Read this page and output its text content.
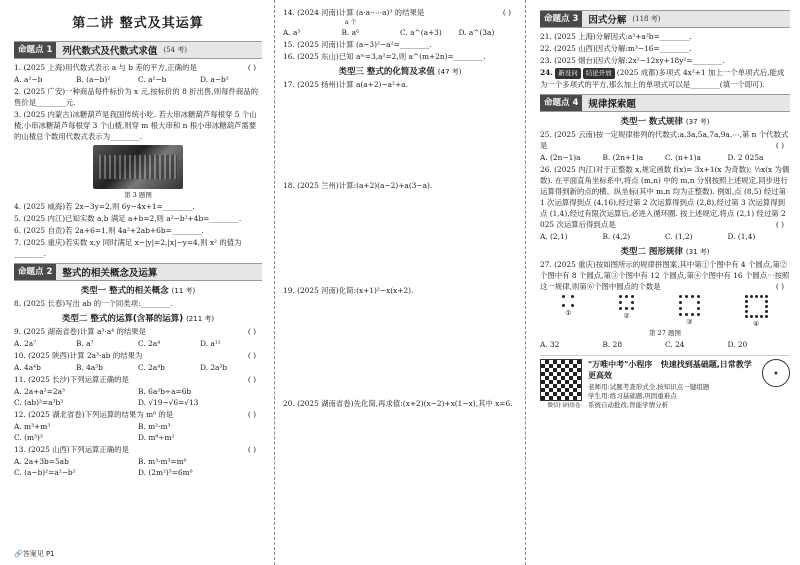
第二讲 整式及其运算
命题点 1	列代数式及代数式求值 (54 考)
( )
1. (2025 上海)用代数式表示 a 与 b 差的平方,正确的是
A. a²−b	B. (a−b)²	C. a²−b	D. a−b²
2. (2025 广安)一种商品每件标价为 x 元,按标价的 8 折出售,则每件商品的售价是________元.
3. (2025 内蒙古)冰糖葫芦是我国传统小吃. 若大串冰糖葫芦每根穿 5 个山楂,小串冰糖葫芦每根穿 3 个山楂,则穿 m 根大串和 n 根小串冰糖葫芦需要的山楂总个数用代数式表示为________.
第 3 题图
4. (2025 威海)若 2x−3y=2,则 6y−4x+1=________.
5. (2025 内江)已知实数 a,b 满足 a+b=2,则 a²−b²+4b=________.
6. (2025 自贡)若 2a+6=1,则 4a²+2ab+6b=________.
7. (2025 重庆)若实数 x,y 同时满足 x−|y|=2,|x|−y=4,则 x² 的值为________.
命题点 2	整式的相关概念及运算
类型一 整式的相关概念 (11 考)
8. (2025 长春)写出 ab 的一个同类项:________.
类型二 整式的运算(含幂的运算) (211 考)
( )
9. (2025 湖南省卷)计算 a³·a⁴ 的结果是
A. 2a⁷	B. a⁷	C. 2a⁴	D. a¹²
( )
10. (2025 陕西)计算 2a³·ab 的结果为
A. 4a⁴b	B. 4a³b	C. 2a⁴b	D. 2a³b
( )
11. (2025 长沙)下列运算正确的是
A. 2a+a²=2a³	B. 6a²b÷a=6b
C. (ab)³=a³b³	D. √19−√6=√13
( )
12. (2025 湖北省卷)下列运算的结果为 m⁶ 的是
A. m³+m³	B. m²·m³
C. (m³)³	D. m⁸÷m²
( )
13. (2025 山西)下列运算正确的是
A. 2a+3b=5ab	B. m³·m³=m⁶
C. (a−b)²=a²−b²	D. (2m²)³=6m⁶
🔗答案见 P1
( )
14. (2024 河南)计算 (a·a·⋯·a)³ 的结果是
a 个
A. a⁵	B. a⁶	C. a^(a+3)	D. a^(3a)
15. (2025 河南)计算 (a−3)²−a²=________.
16. (2025 东山)已知 aᵐ=3,a²=2,则 a^(m+2n)=________.
类型三 整式的化简及求值 (47 考)
17. (2025 扬州)计算 a(a+2)−a²+a.
18. (2025 兰州)计算:(a+2)(a−2)+a(3−a).
19. (2025 河南)化简:(x+1)²−x(x+2).
20. (2025 湖南省卷)先化简,再求值:(x+2)(x−2)+x(1−x),其中 x=6.
命题点 3	因式分解 (118 考)
21. (2025 上海)分解因式:a³+a²b=________.
22. (2025 山西)因式分解:m³−16=________.
23. (2025 烟台)因式分解:2x²−12xy+18y²=________.
24. 新设问 结论开放 (2025 成都)多项式 4x²+1 加上一个单项式后,能成为一个多项式的平方,那么加上的单项式可以是________(填一个即可).
命题点 4	规律探索题
类型一 数式规律 (37 考)
25. (2025 云南)按一定规律排列的代数式:a,3a,5a,7a,9a,⋯,第 n 个代数式是	( )
A. (2n−1)a	B. (2n+1)a	C. (n+1)a	D. 2 025a
26. (2025 内江)对于正整数 x,规定函数 f(x)= 3x+1(x 为奇数); ½x(x 为偶数). 在平面直角坐标系中,将点 (m,n) 中的 m,n 分别按照上述规定,同步进行运算得到新的点的横、纵坐标(其中 m,n 均为正整数). 例如,点 (8,5) 经过第 1 次运算得到点 (4,16),经过第 2 次运算得到点 (2,8),经过第 3 次运算得到点 (1,4),经过有限次运算后,必进入循环圈. 按上述规定,将点 (2,1) 经过第 2 025 次运算后得到点是	( )
A. (2,1)	B. (4,2)	C. (1,2)	D. (1,4)
类型二 图形规律 (31 考)
27. (2025 重庆)按如图所示的规律拼图案,其中第①个图中有 4 个圆点,第②个图中有 8 个圆点,第③个图中有 12 个圆点,第④个图中有 16 个圆点⋯按照这一规律,则第⑥个图中圆点的个数是	( )
①	②
③	④
第 27 题图
A. 32	B. 28	C. 24	D. 20
微信扫码组卷
"万唯中考"小程序 快速找到基础题,日常教学更高效
老师用:试题考查形式全,按知识点一键组题
学生用:练习基础题,巩固重难点
系统自动批改,智能学情分析
★
